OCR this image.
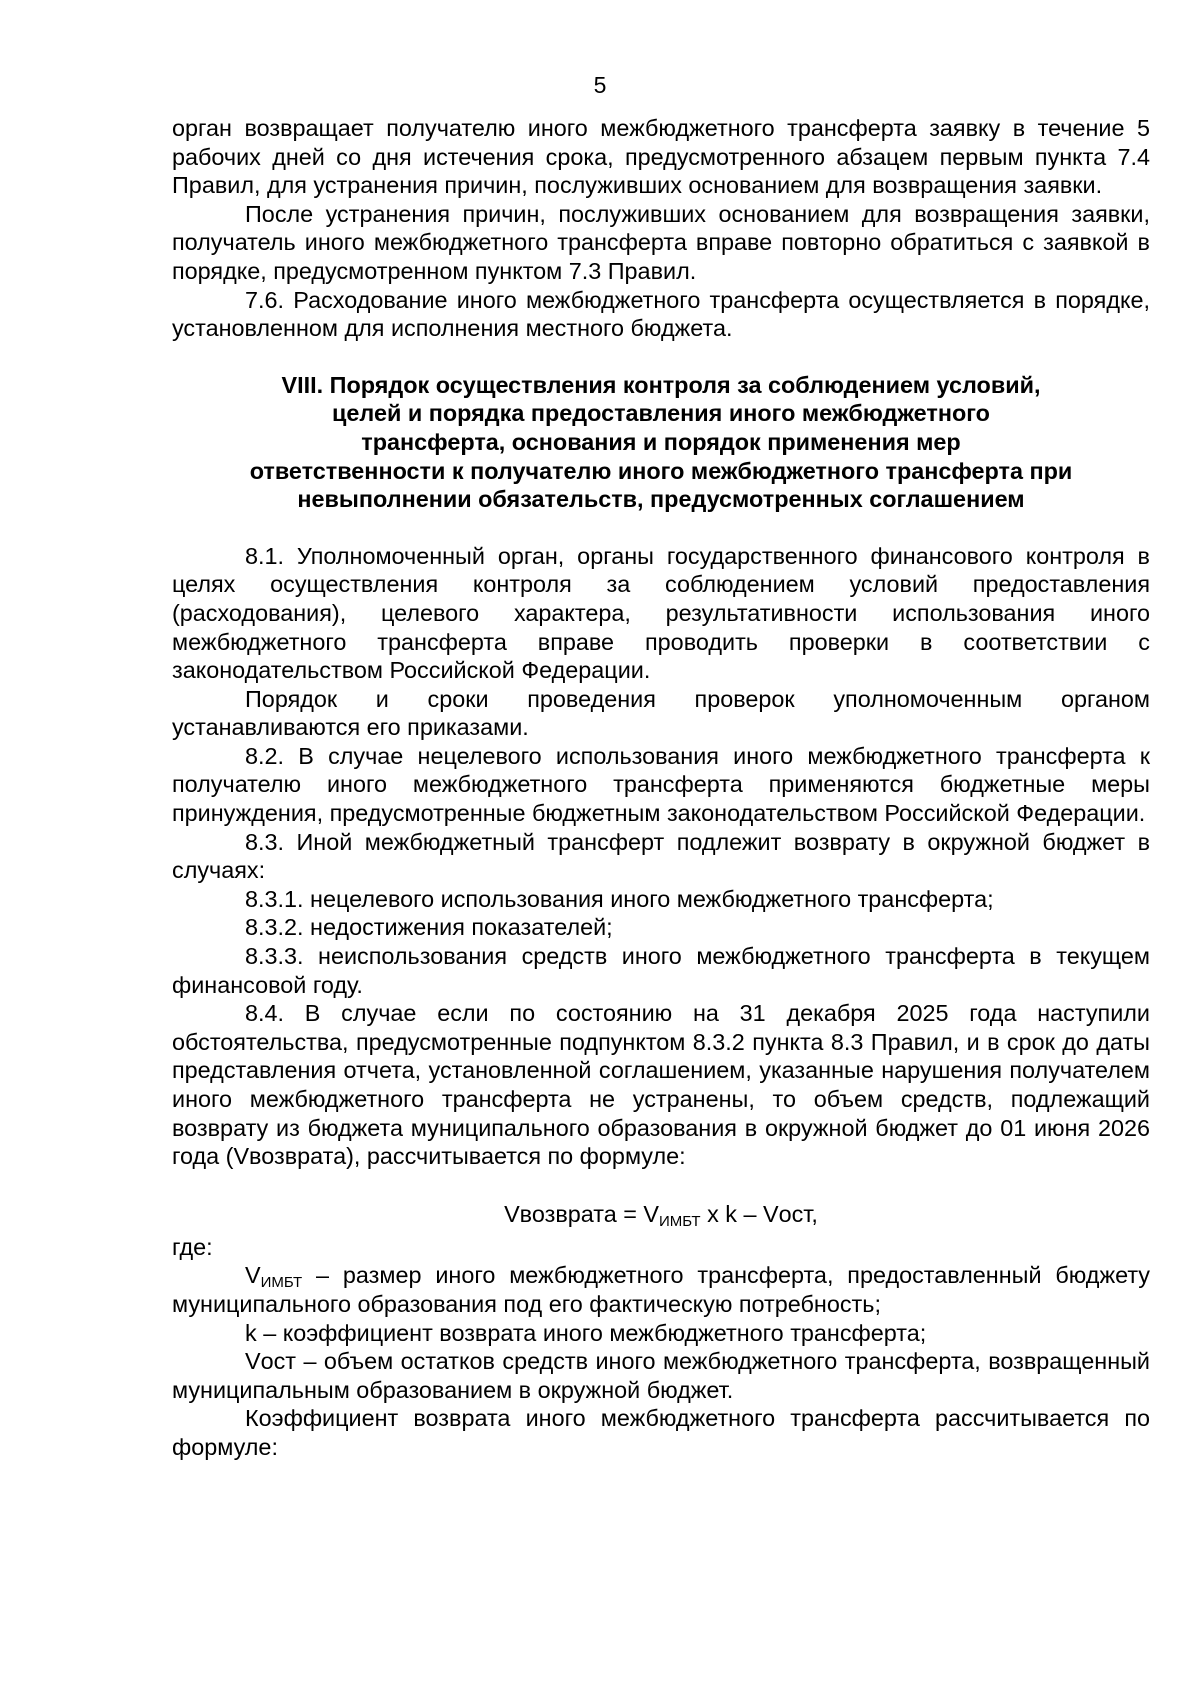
5

орган возвращает получателю иного межбюджетного трансферта заявку в течение 5 рабочих дней со дня истечения срока, предусмотренного абзацем первым пункта 7.4 Правил, для устранения причин, послуживших основанием для возвращения заявки.

После устранения причин, послуживших основанием для возвращения заявки, получатель иного межбюджетного трансферта вправе повторно обратиться с заявкой в порядке, предусмотренном пунктом 7.3 Правил.

7.6. Расходование иного межбюджетного трансферта осуществляется в порядке, установленном для исполнения местного бюджета.

VIII. Порядок осуществления контроля за соблюдением условий,
целей и порядка предоставления иного межбюджетного
трансферта, основания и порядок применения мер
ответственности к получателю иного межбюджетного трансферта при
невыполнении обязательств, предусмотренных соглашением

8.1. Уполномоченный орган, органы государственного финансового контроля в целях осуществления контроля за соблюдением условий предоставления (расходования), целевого характера, результативности использования иного межбюджетного трансферта вправе проводить проверки в соответствии с законодательством Российской Федерации.

Порядок и сроки проведения проверок уполномоченным органом устанавливаются его приказами.

8.2. В случае нецелевого использования иного межбюджетного трансферта к получателю иного межбюджетного трансферта применяются бюджетные меры принуждения, предусмотренные бюджетным законодательством Российской Федерации.

8.3. Иной межбюджетный трансферт подлежит возврату в окружной бюджет в случаях:

8.3.1. нецелевого использования иного межбюджетного трансферта;

8.3.2. недостижения показателей;

8.3.3. неиспользования средств иного межбюджетного трансферта в текущем финансовой году.

8.4. В случае если по состоянию на 31 декабря 2025 года наступили обстоятельства, предусмотренные подпунктом 8.3.2 пункта 8.3 Правил, и в срок до даты представления отчета, установленной соглашением, указанные нарушения получателем иного межбюджетного трансферта не устранены, то объем средств, подлежащий возврату из бюджета муниципального образования в окружной бюджет до 01 июня 2026 года (Vвозврата), рассчитывается по формуле:

Vвозврата = $V_{ИМБТ}$ x k – Vост,

где:

$V_{ИМБТ}$ – размер иного межбюджетного трансферта, предоставленный бюджету муниципального образования под его фактическую потребность;

k – коэффициент возврата иного межбюджетного трансферта;

Vост – объем остатков средств иного межбюджетного трансферта, возвращенный муниципальным образованием в окружной бюджет.

Коэффициент возврата иного межбюджетного трансферта рассчитывается по формуле:
